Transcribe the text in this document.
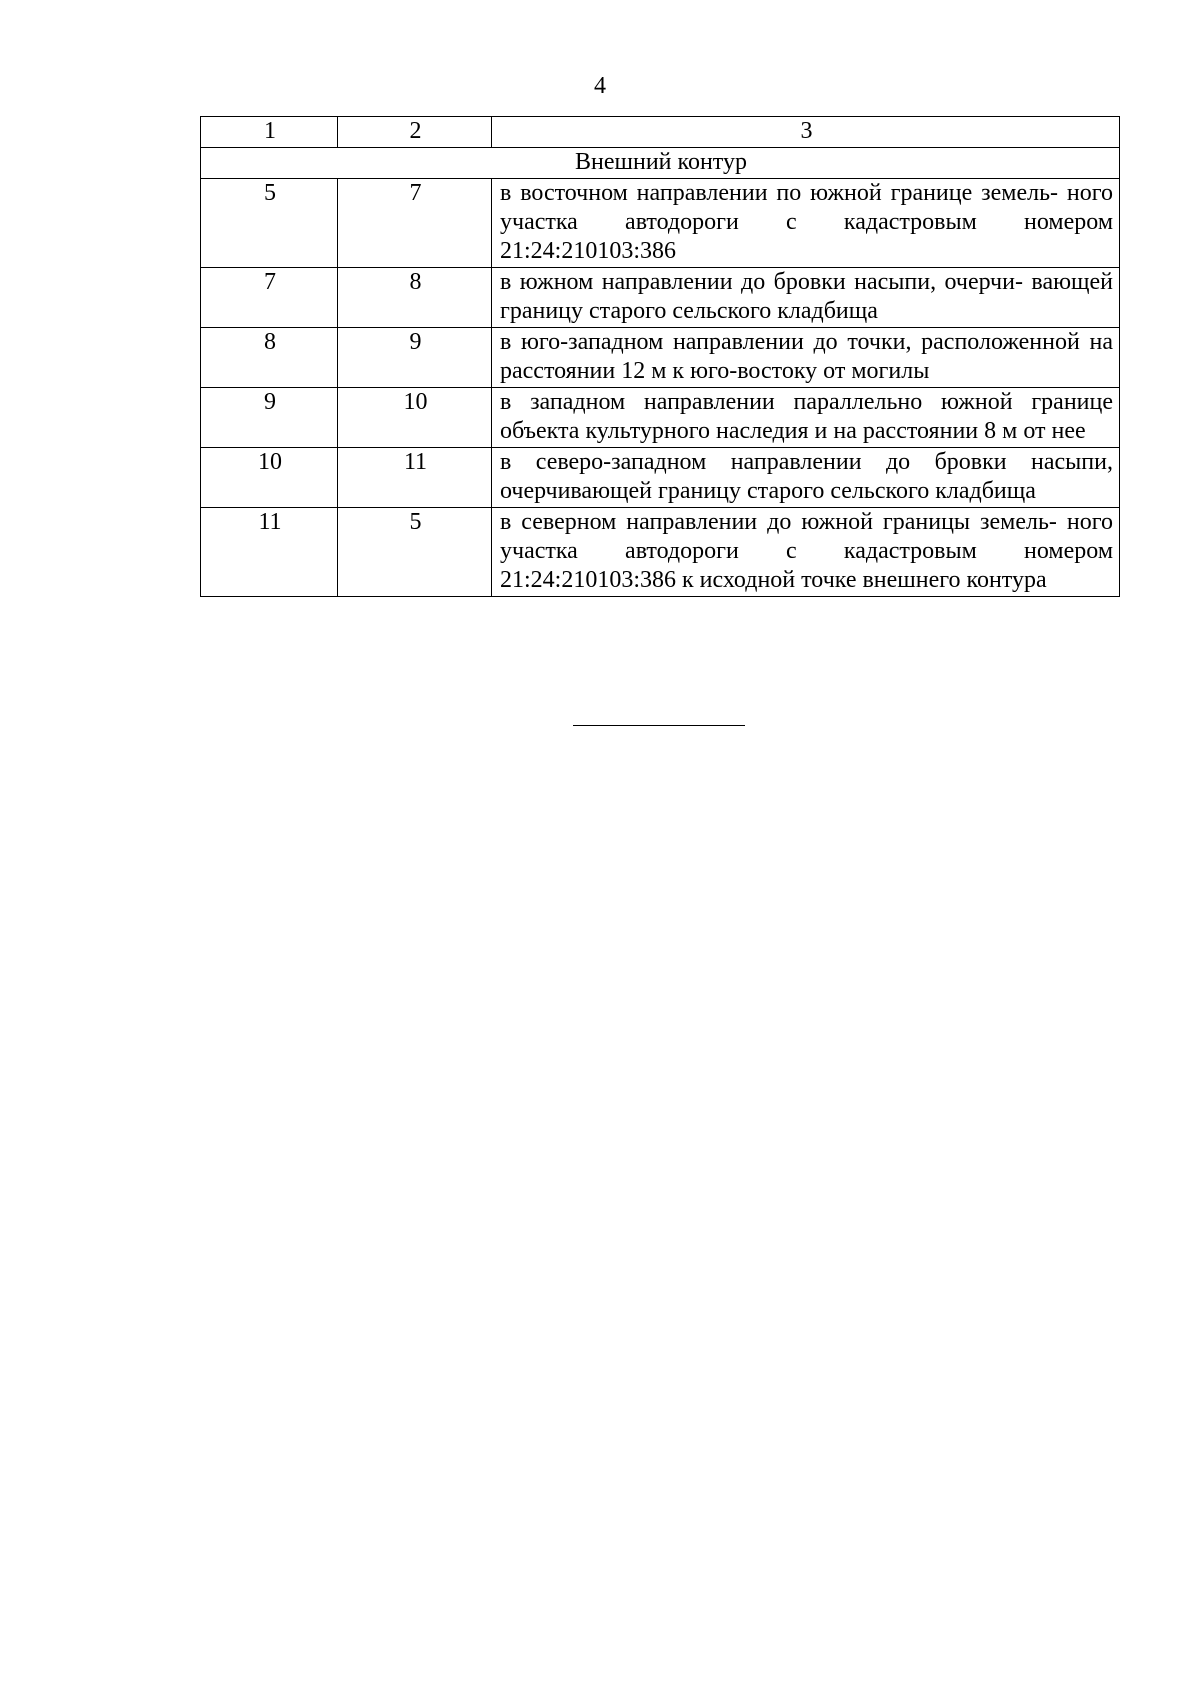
4
1	2	3
Внешний контур		
5	7	в восточном направлении по южной границе земель- ного участка автодороги с кадастровым номером 21:24:210103:386
7	8	в южном направлении до бровки насыпи, очерчи- вающей границу старого сельского кладбища
8	9	в юго-западном направлении до точки, расположенной на расстоянии 12 м к юго-востоку от могилы
9	10	в западном направлении параллельно южной границе объекта культурного наследия и на расстоянии 8 м от нее
10	11	в северо-западном направлении до бровки насыпи, очерчивающей границу старого сельского кладбища
11	5	в северном направлении до южной границы земель- ного участка автодороги с кадастровым номером 21:24:210103:386 к исходной точке внешнего контура
